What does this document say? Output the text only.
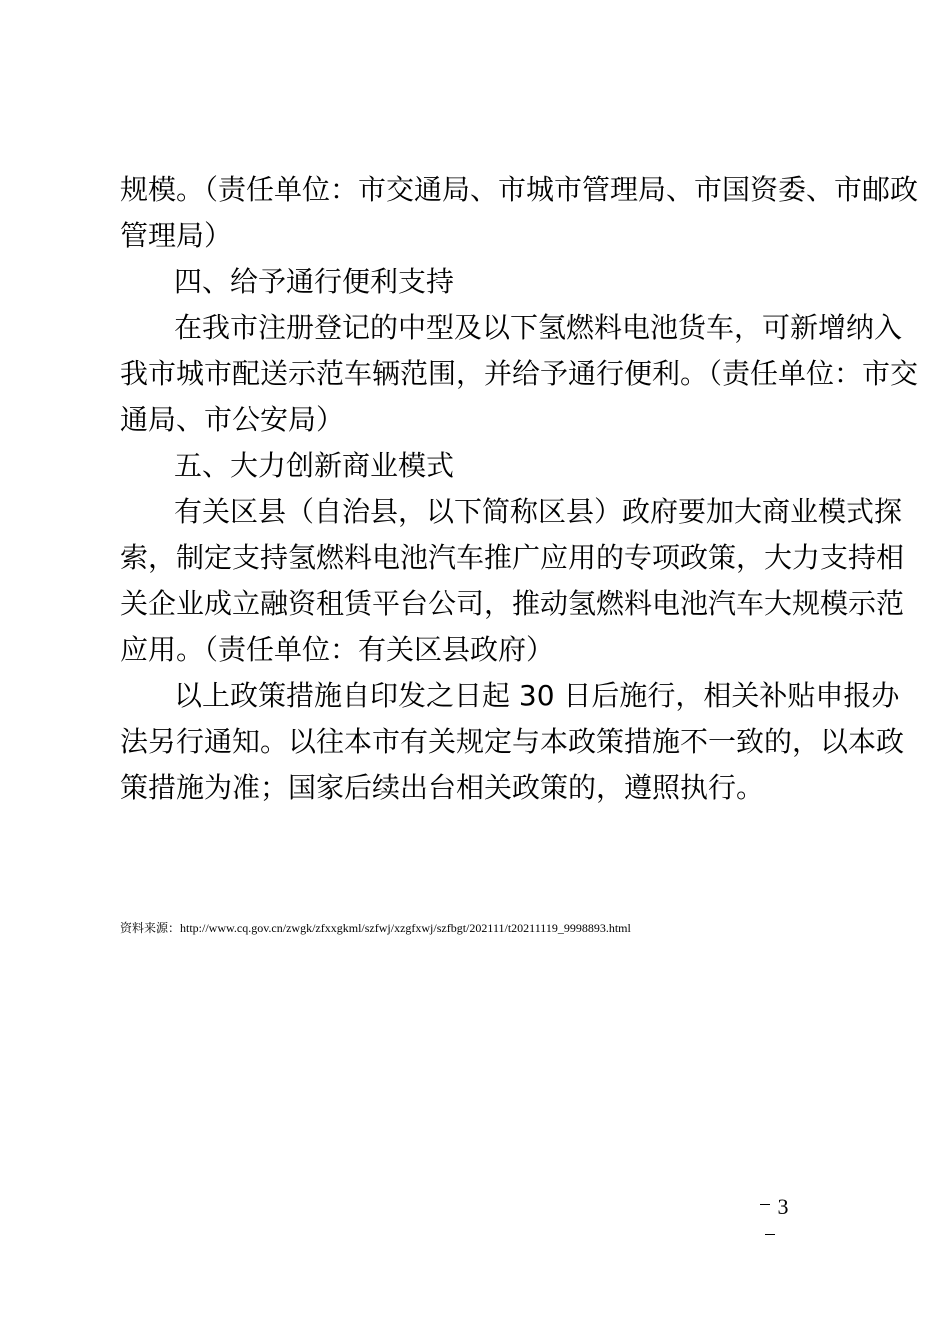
规模。（责任单位：市交通局、市城市管理局、市国资委、市邮政
管理局）
四、给予通行便利支持
在我市注册登记的中型及以下氢燃料电池货车，可新增纳入
我市城市配送示范车辆范围，并给予通行便利。（责任单位：市交
通局、市公安局）
五、大力创新商业模式
有关区县（自治县，以下简称区县）政府要加大商业模式探
索，制定支持氢燃料电池汽车推广应用的专项政策，大力支持相
关企业成立融资租赁平台公司，推动氢燃料电池汽车大规模示范
应用。（责任单位：有关区县政府）
以上政策措施自印发之日起 30 日后施行，相关补贴申报办
法另行通知。以往本市有关规定与本政策措施不一致的，以本政
策措施为准；国家后续出台相关政策的，遵照执行。
资料来源：http://www.cq.gov.cn/zwgk/zfxxgkml/szfwj/xzgfxwj/szfbgt/202111/t20211119_9998893.html
3
